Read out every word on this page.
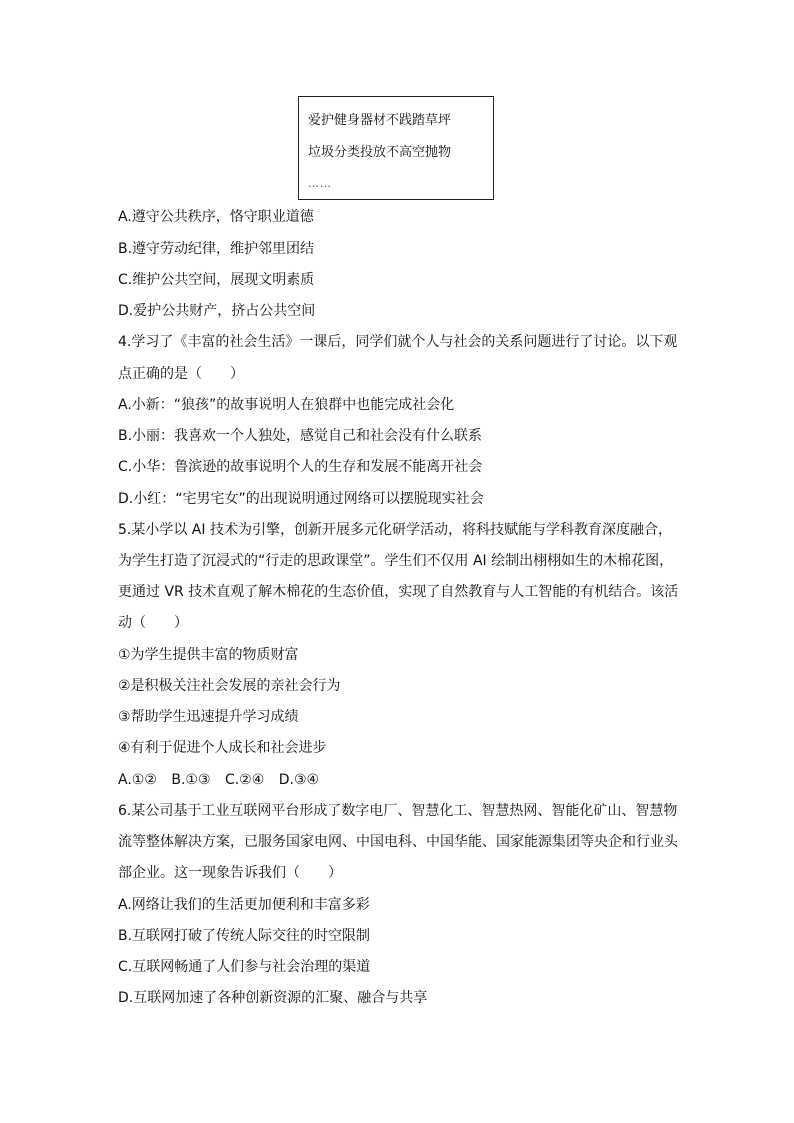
爱护健身器材不践踏草坪
垃圾分类投放不高空抛物
……
A.遵守公共秩序，恪守职业道德
B.遵守劳动纪律，维护邻里团结
C.维护公共空间，展现文明素质
D.爱护公共财产，挤占公共空间
4.学习了《丰富的社会生活》一课后，同学们就个人与社会的关系问题进行了讨论。以下观
点正确的是（　　）
A.小新：“狼孩”的故事说明人在狼群中也能完成社会化
B.小丽：我喜欢一个人独处，感觉自己和社会没有什么联系
C.小华：鲁滨逊的故事说明个人的生存和发展不能离开社会
D.小红：“宅男宅女”的出现说明通过网络可以摆脱现实社会
5.某小学以 AI 技术为引擎，创新开展多元化研学活动，将科技赋能与学科教育深度融合，
为学生打造了沉浸式的“行走的思政课堂”。学生们不仅用 AI 绘制出栩栩如生的木棉花图，
更通过 VR 技术直观了解木棉花的生态价值，实现了自然教育与人工智能的有机结合。该活
动（　　）
①为学生提供丰富的物质财富
②是积极关注社会发展的亲社会行为
③帮助学生迅速提升学习成绩
④有利于促进个人成长和社会进步
A.①② B.①③ C.②④ D.③④
6.某公司基于工业互联网平台形成了数字电厂、智慧化工、智慧热网、智能化矿山、智慧物
流等整体解决方案，已服务国家电网、中国电科、中国华能、国家能源集团等央企和行业头
部企业。这一现象告诉我们（　　）
A.网络让我们的生活更加便利和丰富多彩
B.互联网打破了传统人际交往的时空限制
C.互联网畅通了人们参与社会治理的渠道
D.互联网加速了各种创新资源的汇聚、融合与共享
